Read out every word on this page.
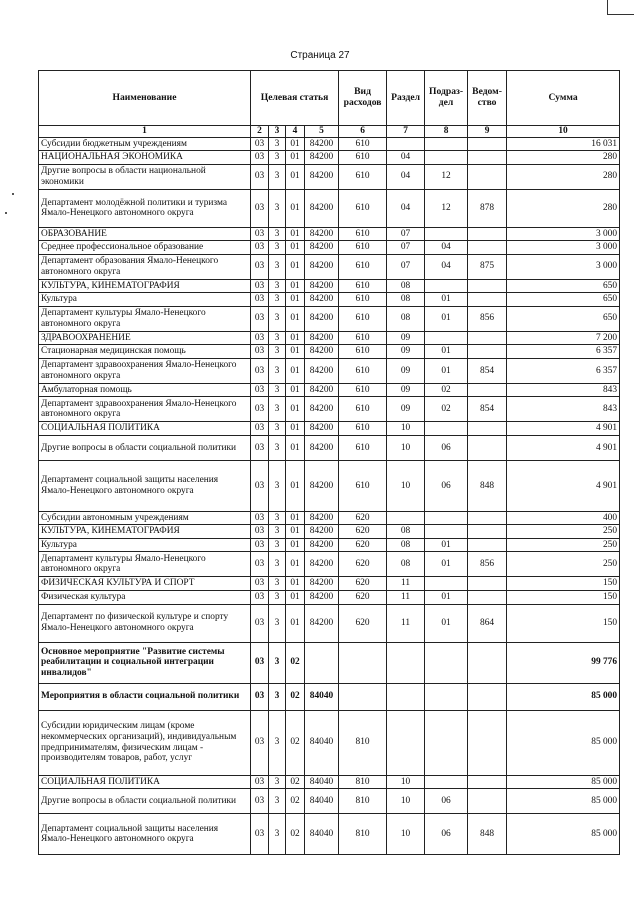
Страница 27
Наименование	Целевая статья				Вид расходов	Раздел	Подраз-дел	Ведом-ство	Сумма
1	2	3	4	5	6	7	8	9	10
Субсидии бюджетным учреждениям	03	3	01	84200	610				16 031
НАЦИОНАЛЬНАЯ ЭКОНОМИКА	03	3	01	84200	610	04			280
Другие вопросы в области национальной экономики	03	3	01	84200	610	04	12		280
Департамент молодёжной политики и туризма Ямало-Ненецкого автономного округа	03	3	01	84200	610	04	12	878	280
ОБРАЗОВАНИЕ	03	3	01	84200	610	07			3 000
Среднее профессиональное образование	03	3	01	84200	610	07	04		3 000
Департамент образования Ямало-Ненецкого автономного округа	03	3	01	84200	610	07	04	875	3 000
КУЛЬТУРА, КИНЕМАТОГРАФИЯ	03	3	01	84200	610	08			650
Культура	03	3	01	84200	610	08	01		650
Департамент культуры Ямало-Ненецкого автономного округа	03	3	01	84200	610	08	01	856	650
ЗДРАВООХРАНЕНИЕ	03	3	01	84200	610	09			7 200
Стационарная медицинская помощь	03	3	01	84200	610	09	01		6 357
Департамент здравоохранения Ямало-Ненецкого автономного округа	03	3	01	84200	610	09	01	854	6 357
Амбулаторная помощь	03	3	01	84200	610	09	02		843
Департамент здравоохранения Ямало-Ненецкого автономного округа	03	3	01	84200	610	09	02	854	843
СОЦИАЛЬНАЯ ПОЛИТИКА	03	3	01	84200	610	10			4 901
Другие вопросы в области социальной политики	03	3	01	84200	610	10	06		4 901
Департамент социальной защиты населения Ямало-Ненецкого автономного округа	03	3	01	84200	610	10	06	848	4 901
Субсидии автономным учреждениям	03	3	01	84200	620				400
КУЛЬТУРА, КИНЕМАТОГРАФИЯ	03	3	01	84200	620	08			250
Культура	03	3	01	84200	620	08	01		250
Департамент культуры Ямало-Ненецкого автономного округа	03	3	01	84200	620	08	01	856	250
ФИЗИЧЕСКАЯ КУЛЬТУРА И СПОРТ	03	3	01	84200	620	11			150
Физическая культура	03	3	01	84200	620	11	01		150
Департамент по физической культуре и спорту Ямало-Ненецкого автономного округа	03	3	01	84200	620	11	01	864	150
Основное мероприятие "Развитие системы реабилитации и социальной интеграции инвалидов"	03	3	02						99 776
Мероприятия в области социальной политики	03	3	02	84040					85 000
Субсидии юридическим лицам (кроме некоммерческих организаций), индивидуальным предпринимателям, физическим лицам - производителям товаров, работ, услуг	03	3	02	84040	810				85 000
СОЦИАЛЬНАЯ ПОЛИТИКА	03	3	02	84040	810	10			85 000
Другие вопросы в области социальной политики	03	3	02	84040	810	10	06		85 000
Департамент социальной защиты населения Ямало-Ненецкого автономного округа	03	3	02	84040	810	10	06	848	85 000
